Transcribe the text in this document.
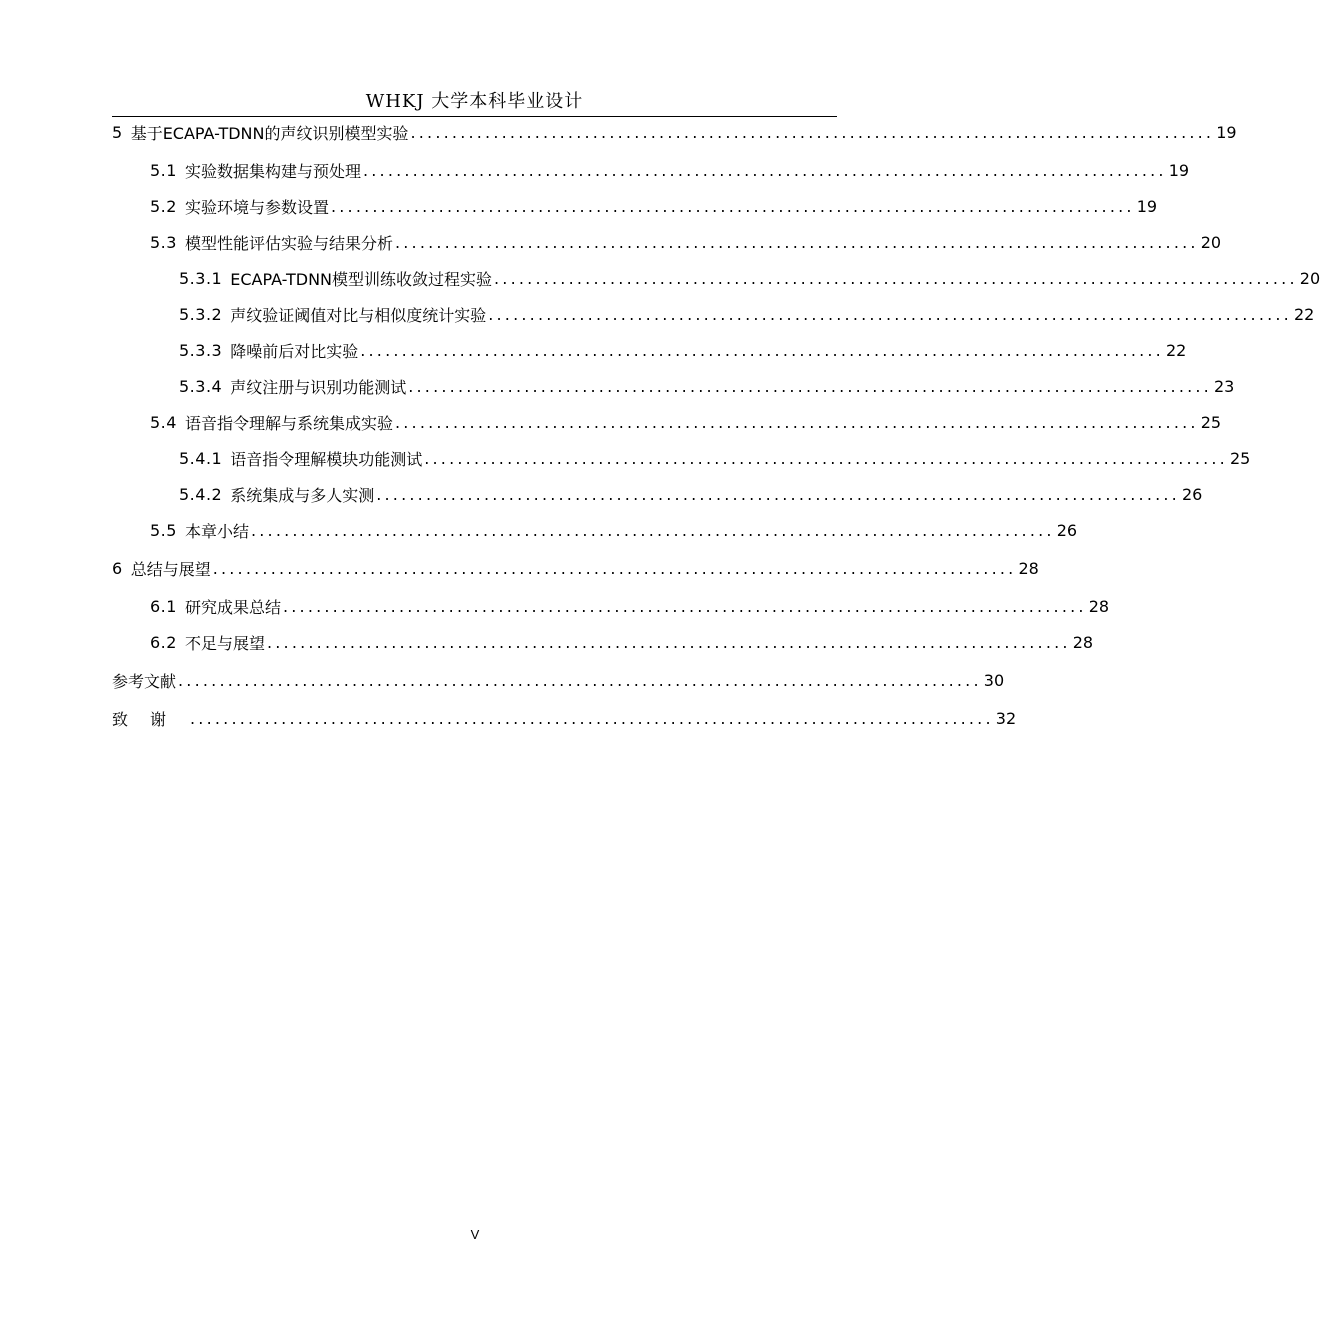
WHKJ 大学本科毕业设计
5 基于ECAPA-TDNN的声纹识别模型实验 ................................................................................................. 19
5.1 实验数据集构建与预处理 ................................................................................................. 19
5.2 实验环境与参数设置 ................................................................................................. 19
5.3 模型性能评估实验与结果分析 ................................................................................................. 20
5.3.1 ECAPA-TDNN模型训练收敛过程实验 ................................................................................................. 20
5.3.2 声纹验证阈值对比与相似度统计实验 ................................................................................................. 22
5.3.3 降噪前后对比实验 ................................................................................................. 22
5.3.4 声纹注册与识别功能测试 ................................................................................................. 23
5.4 语音指令理解与系统集成实验 ................................................................................................. 25
5.4.1 语音指令理解模块功能测试 ................................................................................................. 25
5.4.2 系统集成与多人实测 ................................................................................................. 26
5.5 本章小结 ................................................................................................. 26
6 总结与展望 ................................................................................................. 28
6.1 研究成果总结 ................................................................................................. 28
6.2 不足与展望 ................................................................................................. 28
参考文献 ................................................................................................. 30
致谢 ................................................................................................. 32
V
